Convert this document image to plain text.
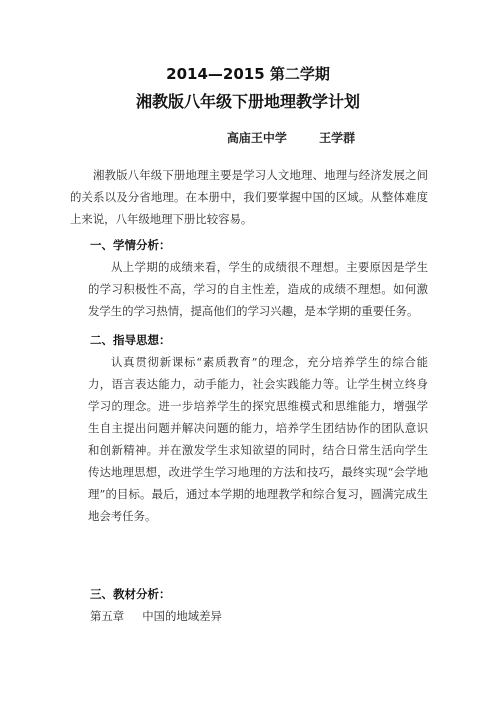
2014—2015 第二学期
湘教版八年级下册地理教学计划
高庙王中学	王学群

湘教版八年级下册地理主要是学习人文地理、地理与经济发展之间的关系以及分省地理。在本册中，我们要掌握中国的区域。从整体难度上来说，八年级地理下册比较容易。

一、学情分析：

从上学期的成绩来看，学生的成绩很不理想。主要原因是学生的学习积极性不高，学习的自主性差，造成的成绩不理想。如何激发学生的学习热情，提高他们的学习兴趣，是本学期的重要任务。

二、指导思想：

认真贯彻新课标“素质教育”的理念，充分培养学生的综合能力，语言表达能力，动手能力，社会实践能力等。让学生树立终身学习的理念。进一步培养学生的探究思维模式和思维能力，增强学生自主提出问题并解决问题的能力，培养学生团结协作的团队意识和创新精神。并在激发学生求知欲望的同时，结合日常生活向学生传达地理思想，改进学生学习地理的方法和技巧，最终实现“会学地理”的目标。最后，通过本学期的地理教学和综合复习，圆满完成生地会考任务。

三、教材分析：
第五章 中国的地域差异
